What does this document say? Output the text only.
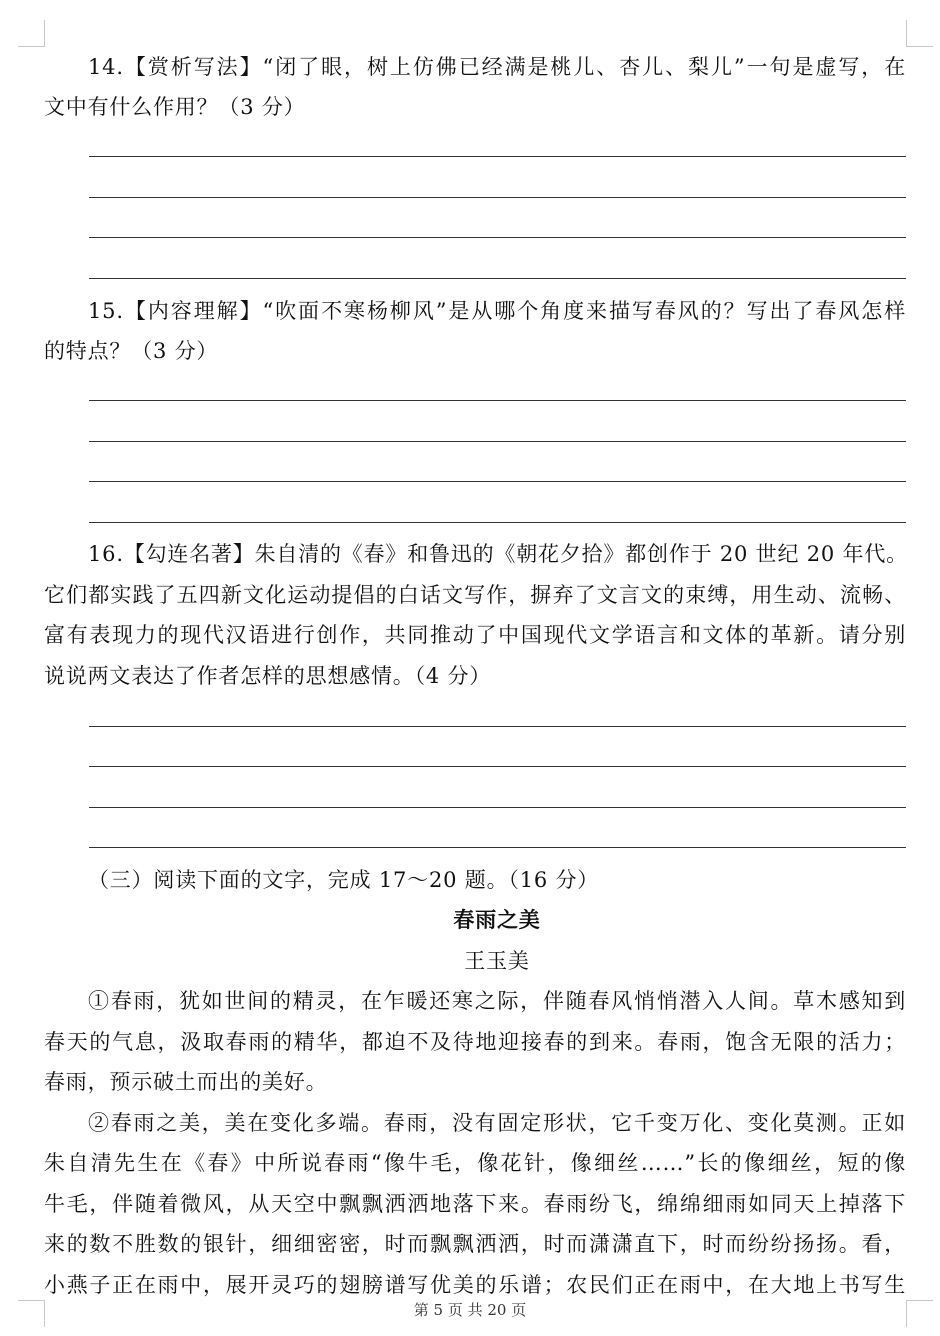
14.【赏析写法】“闭了眼，树上仿佛已经满是桃儿、杏儿、梨儿”一句是虚写，在
文中有什么作用？（3 分）
15.【内容理解】“吹面不寒杨柳风”是从哪个角度来描写春风的？写出了春风怎样
的特点？（3 分）
16.【勾连名著】朱自清的《春》和鲁迅的《朝花夕拾》都创作于 20 世纪 20 年代。
它们都实践了五四新文化运动提倡的白话文写作，摒弃了文言文的束缚，用生动、流畅、
富有表现力的现代汉语进行创作，共同推动了中国现代文学语言和文体的革新。请分别
说说两文表达了作者怎样的思想感情。（4 分）
（三）阅读下面的文字，完成 17～20 题。（16 分）
春雨之美
王玉美
①春雨，犹如世间的精灵，在乍暖还寒之际，伴随春风悄悄潜入人间。草木感知到
春天的气息，汲取春雨的精华，都迫不及待地迎接春的到来。春雨，饱含无限的活力；
春雨，预示破土而出的美好。
②春雨之美，美在变化多端。春雨，没有固定形状，它千变万化、变化莫测。正如
朱自清先生在《春》中所说春雨“像牛毛，像花针，像细丝……”长的像细丝，短的像
牛毛，伴随着微风，从天空中飘飘洒洒地落下来。春雨纷飞，绵绵细雨如同天上掉落下
来的数不胜数的银针，细细密密，时而飘飘洒洒，时而潇潇直下，时而纷纷扬扬。看，
小燕子正在雨中，展开灵巧的翅膀谱写优美的乐谱；农民们正在雨中，在大地上书写生
第 5 页 共 20 页
